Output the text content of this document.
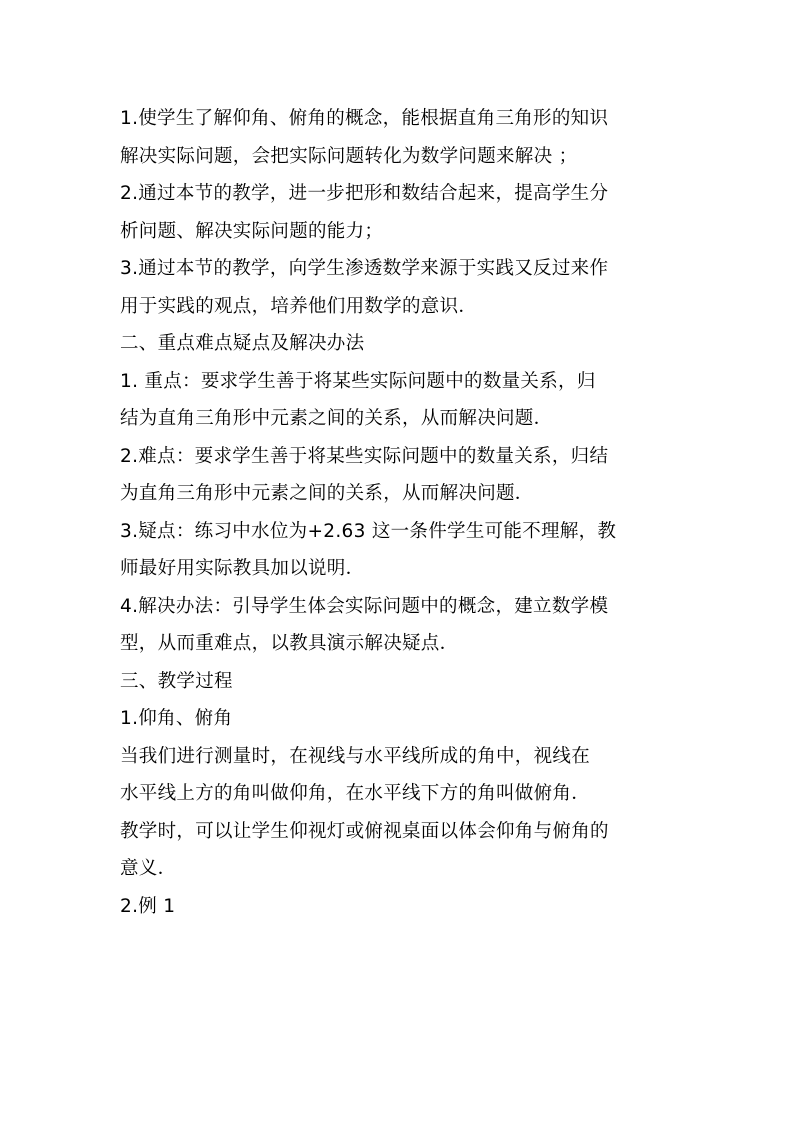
1.使学生了解仰角、俯角的概念，能根据直角三角形的知识
解决实际问题，会把实际问题转化为数学问题来解决 ；
2.通过本节的教学，进一步把形和数结合起来，提高学生分
析问题、解决实际问题的能力；
3.通过本节的教学，向学生渗透数学来源于实践又反过来作
用于实践的观点，培养他们用数学的意识．
二、重点难点疑点及解决办法
1. 重点：要求学生善于将某些实际问题中的数量关系，归
结为直角三角形中元素之间的关系，从而解决问题．
2.难点：要求学生善于将某些实际问题中的数量关系，归结
为直角三角形中元素之间的关系，从而解决问题．
3.疑点：练习中水位为+2.63 这一条件学生可能不理解，教
师最好用实际教具加以说明．
4.解决办法：引导学生体会实际问题中的概念，建立数学模
型，从而重难点，以教具演示解决疑点．
三、教学过程
1.仰角、俯角
当我们进行测量时，在视线与水平线所成的角中，视线在
水平线上方的角叫做仰角，在水平线下方的角叫做俯角．
教学时，可以让学生仰视灯或俯视桌面以体会仰角与俯角的
意义．
2.例 1
